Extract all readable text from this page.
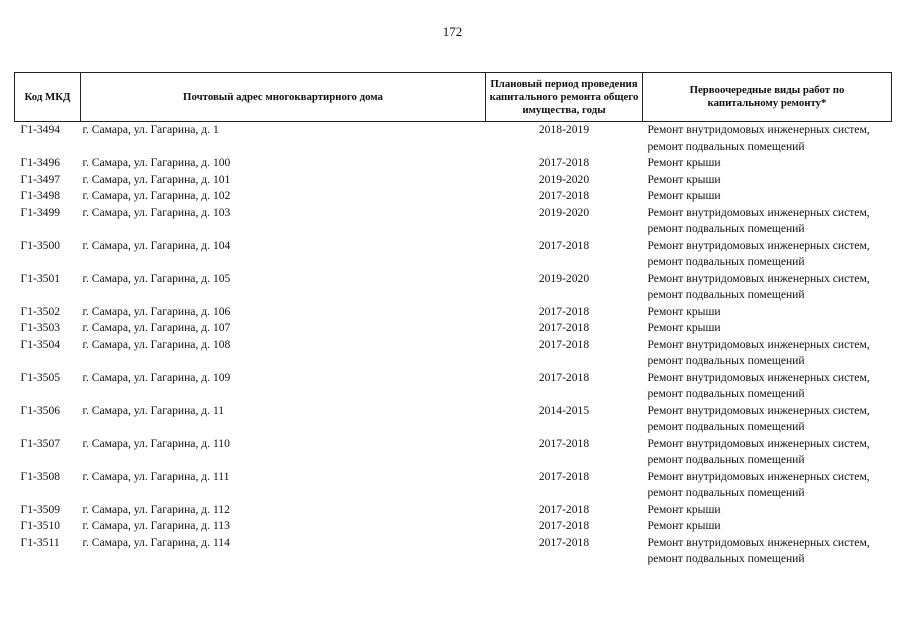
172
Код МКД	Почтовый адрес многоквартирного дома	Плановый период проведения капитального ремонта общего имущества, годы	Первоочередные виды работ по капитальному ремонту*
Г1-3494	г. Самара, ул. Гагарина, д. 1	2018-2019	Ремонт внутридомовых инженерных систем,
ремонт подвальных помещений

Г1-3496	г. Самара, ул. Гагарина, д. 100	2017-2018	Ремонт крыши

Г1-3497	г. Самара, ул. Гагарина, д. 101	2019-2020	Ремонт крыши

Г1-3498	г. Самара, ул. Гагарина, д. 102	2017-2018	Ремонт крыши

Г1-3499	г. Самара, ул. Гагарина, д. 103	2019-2020	Ремонт внутридомовых инженерных систем,
ремонт подвальных помещений

Г1-3500	г. Самара, ул. Гагарина, д. 104	2017-2018	Ремонт внутридомовых инженерных систем,
ремонт подвальных помещений

Г1-3501	г. Самара, ул. Гагарина, д. 105	2019-2020	Ремонт внутридомовых инженерных систем,
ремонт подвальных помещений

Г1-3502	г. Самара, ул. Гагарина, д. 106	2017-2018	Ремонт крыши

Г1-3503	г. Самара, ул. Гагарина, д. 107	2017-2018	Ремонт крыши

Г1-3504	г. Самара, ул. Гагарина, д. 108	2017-2018	Ремонт внутридомовых инженерных систем,
ремонт подвальных помещений

Г1-3505	г. Самара, ул. Гагарина, д. 109	2017-2018	Ремонт внутридомовых инженерных систем,
ремонт подвальных помещений

Г1-3506	г. Самара, ул. Гагарина, д. 11	2014-2015	Ремонт внутридомовых инженерных систем,
ремонт подвальных помещений

Г1-3507	г. Самара, ул. Гагарина, д. 110	2017-2018	Ремонт внутридомовых инженерных систем,
ремонт подвальных помещений

Г1-3508	г. Самара, ул. Гагарина, д. 111	2017-2018	Ремонт внутридомовых инженерных систем,
ремонт подвальных помещений

Г1-3509	г. Самара, ул. Гагарина, д. 112	2017-2018	Ремонт крыши

Г1-3510	г. Самара, ул. Гагарина, д. 113	2017-2018	Ремонт крыши

Г1-3511	г. Самара, ул. Гагарина, д. 114	2017-2018	Ремонт внутридомовых инженерных систем,
ремонт подвальных помещений
